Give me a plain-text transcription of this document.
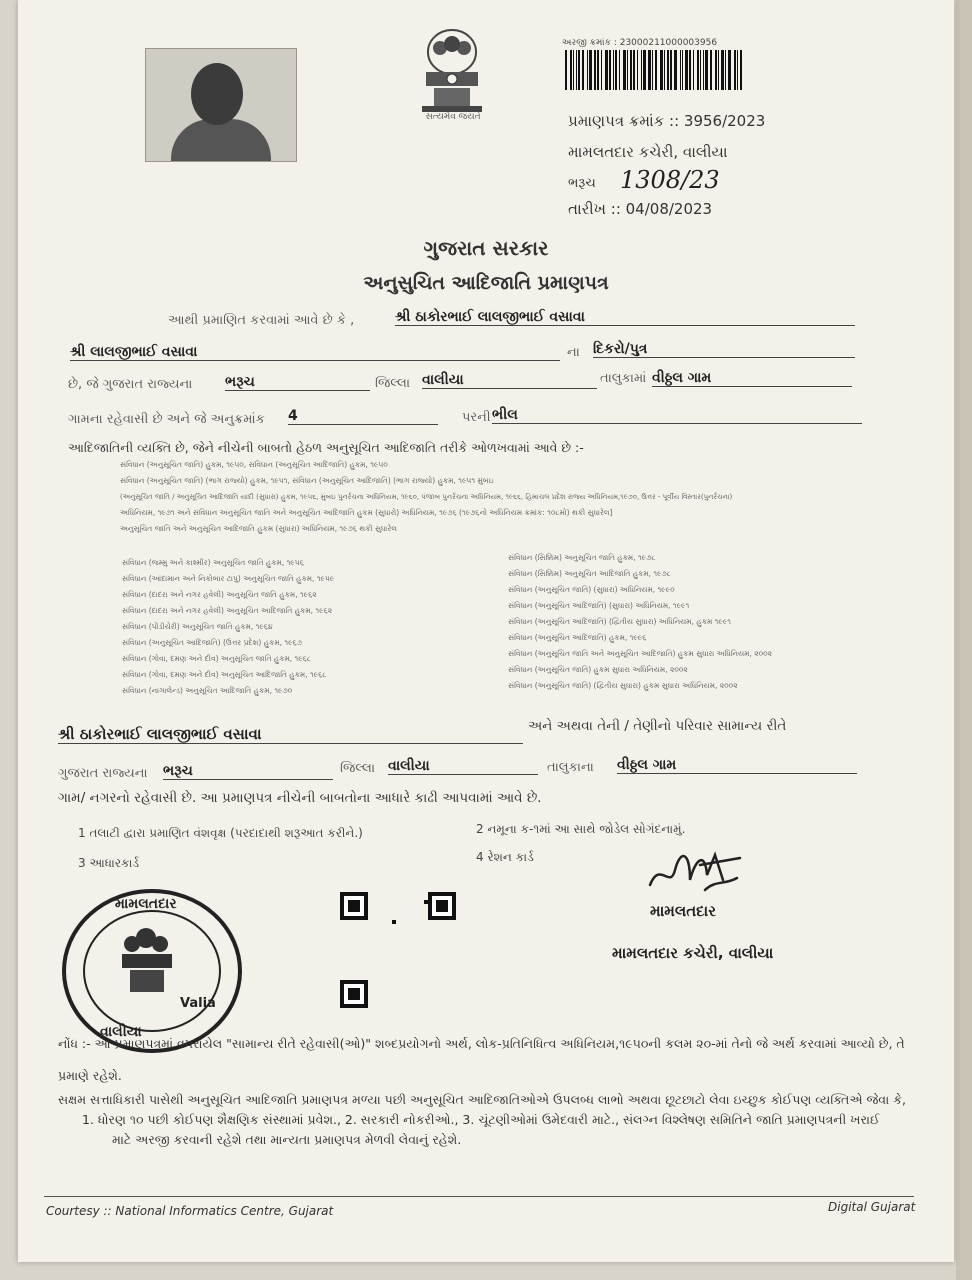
સત્યમેવ જયતે
અરજી ક્રમાંક : 23000211000003956
પ્રમાણપત્ર ક્રમાંક :: 3956/2023
મામલતદાર કચેરી, વાલીયા
ભરૂચ 1308/23
તારીખ :: 04/08/2023
ગુજરાત સરકાર
અનુસુચિત આદિજાતિ પ્રમાણપત્ર
આથી પ્રમાણિત કરવામાં આવે છે કે ,	શ્રી ઠાકોરભાઈ લાલજીભાઈ વસાવા
શ્રી લાલજીભાઈ વસાવા	ના દિકરો/પુત્ર
છે, જે ગુજરાત રાજ્યના ભરૂચ	જિલ્લા વાલીયા	તાલુકામાં વીઠ્ઠલ ગામ
ગામના રહેવાસી છે અને જે અનુક્રમાંક 4	પરની ભીલ
આદિજાતિની વ્યક્તિ છે, જેને નીચેની બાબતો હેઠળ અનુસૂચિત આદિજાતિ તરીકે ઓળખવામાં આવે છે :-
સંવિધાન (અનુસૂચિત જાતિ) હુકમ, ૧૯૫૦, સંવિધાન (અનુસૂચિત આદિજાતિ) હુકમ, ૧૯૫૦
સંવિધાન (અનુસૂચિત જાતિ) (ભાગ રાજ્યો) હુકમ, ૧૯૫૧, સંવિધાન (અનુસૂચિત આદિજાતિ) (ભાગ રાજ્યો) હુકમ, ૧૯૫૧ મુંબઇ
(અનુસૂચિત જાતિ / અનુસૂચિત આદિજાતિ યાદી (સુધારા) હુકમ, ૧૯૫૬, મુંબઇ પુનર્રચના અધિનિયમ, ૧૯૬૦, પંજાબ પુનર્રચના અધિનિયમ, ૧૯૬૬, હિમાચલ પ્રદેશ રાજ્ય અધિનિયમ,૧૯૭૦, ઉત્તર - પૂર્વીય વિસ્તાર(પુનર્રચના)
અધિનિયમ, ૧૯૭૧ અને સંવિધાન અનુસૂચિત જાતિ અને અનુસૂચિત આદિજાતિ હુકમ (સુધારો) અધિનિયમ, ૧૯૭૬ (૧૯૭૬નો અધિનિયમ ક્રમાંક: ૧૦૮મો) થકી સુધારેલ]
અનુસૂચિત જાતિ અને અનુસૂચિત આદિજાતિ હુકમ (સુધારા) અધિનિયમ, ૧૯૭૬ થકી સુધારેલ
સંવિધાન (જમ્મુ અને કાશ્મીર) અનુસૂચિત જાતિ હુકમ, ૧૯૫૬
સંવિધાન (આંદામાન અને નિકોબાર ટાપુ) અનુસૂચિત જાતિ હુકમ, ૧૯૫૯
સંવિધાન (દાદરા અને નગર હવેલી) અનુસૂચિત જાતિ હુકમ, ૧૯૬૨
સંવિધાન (દાદરા અને નગર હવેલી) અનુસૂચિત આદિજાતિ હુકમ, ૧૯૬૨
સંવિધાન (પોંડીચેરી) અનુસૂચિત જાતિ હુકમ, ૧૯૬૪
સંવિધાન (અનુસૂચિત આદિજાતિ) (ઉત્તર પ્રદેશ) હુકમ, ૧૯૬૭
સંવિધાન (ગોવા, દમણ અને દીવ) અનુસૂચિત જાતિ હુકમ, ૧૯૬૮
સંવિધાન (ગોવા, દમણ અને દીવ) અનુસૂચિત આદિજાતિ હુકમ, ૧૯૬૮
સંવિધાન (નાગાલેન્ડ) અનુસૂચિત આદિજાતિ હુકમ, ૧૯૭૦
સંવિધાન (સિક્કિમ) અનુસૂચિત જાતિ હુકમ, ૧૯૭૮
સંવિધાન (સિક્કિમ) અનુસૂચિત આદિજાતિ હુકમ, ૧૯૭૮
સંવિધાન (અનુસૂચિત જાતિ) (સુધારા) અધિનિયમ, ૧૯૯૦
સંવિધાન (અનુસૂચિત આદિજાતિ) (સુધારા) અધિનિયમ, ૧૯૯૧
સંવિધાન (અનુસૂચિત આદિજાતિ) (દ્વિતીય સુધારા) અધિનિયમ, હુકમ ૧૯૯૧
સંવિધાન (અનુસૂચિત આદિજાતિ) હુકમ, ૧૯૯૬
સંવિધાન (અનુસૂચિત જાતિ અને અનુસૂચિત આદિજાતિ) હુકમ સુધારા અધિનિયમ, ૨૦૦૨
સંવિધાન (અનુસૂચિત જાતિ) હુકમ સુધારા અધિનિયમ, ૨૦૦૨
સંવિધાન (અનુસૂચિત જાતિ) (દ્વિતીય સુધારા) હુકમ સુધારા અધિનિયમ, ૨૦૦૨
શ્રી ઠાકોરભાઈ લાલજીભાઈ વસાવા	અને અથવા તેની / તેણીનો પરિવાર સામાન્ય રીતે
ગુજરાત રાજ્યના ભરૂચ	જિલ્લા વાલીયા	તાલુકાના વીઠ્ઠલ ગામ
ગામ/ નગરનો રહેવાસી છે. આ પ્રમાણપત્ર નીચેની બાબતોના આધારે કાઢી આપવામાં આવે છે.
1 તલાટી દ્વારા પ્રમાણિત વંશવૃક્ષ (પરદાદાથી શરૂઆત કરીને.)	2 નમૂના ક-૧માં આ સાથે જોડેલ સોગંદનામું.
3 આધારકાર્ડ	4 રેશન કાર્ડ
મામલતદાર
મામલતદાર કચેરી, વાલીયા
મામલતદાર
Valia
વાલીયા
નોંધ :- આ પ્રમાણપત્રમાં વપરાયેલ "સામાન્ય રીતે રહેવાસી(ઓ)" શબ્દપ્રયોગનો અર્થ, લોક-પ્રતિનિધિત્વ અધિનિયમ,૧૯૫૦ની કલમ ૨૦-માં તેનો જે અર્થ કરવામાં આવ્યો છે, તે
પ્રમાણે રહેશે.
સક્ષમ સત્તાધિકારી પાસેથી અનુસૂચિત આદિજાતિ પ્રમાણપત્ર મળ્યા પછી અનુસૂચિત આદિજાતિઓએ ઉપલબ્ધ લાભો અથવા છૂટછાટો લેવા ઇચ્છુક કોઈપણ વ્યક્તિએ જેવા કે,
1. ધોરણ ૧૦ પછી કોઈપણ શૈક્ષણિક સંસ્થામાં પ્રવેશ., 2. સરકારી નોકરીઓ., 3. ચૂંટણીઓમાં ઉમેદવારી માટે., સંલગ્ન વિશ્લેષણ સમિતિને જાતિ પ્રમાણપત્રની ખરાઈ
માટે અરજી કરવાની રહેશે તથા માન્યતા પ્રમાણપત્ર મેળવી લેવાનું રહેશે.
Courtesy :: National Informatics Centre, Gujarat	Digital Gujarat
